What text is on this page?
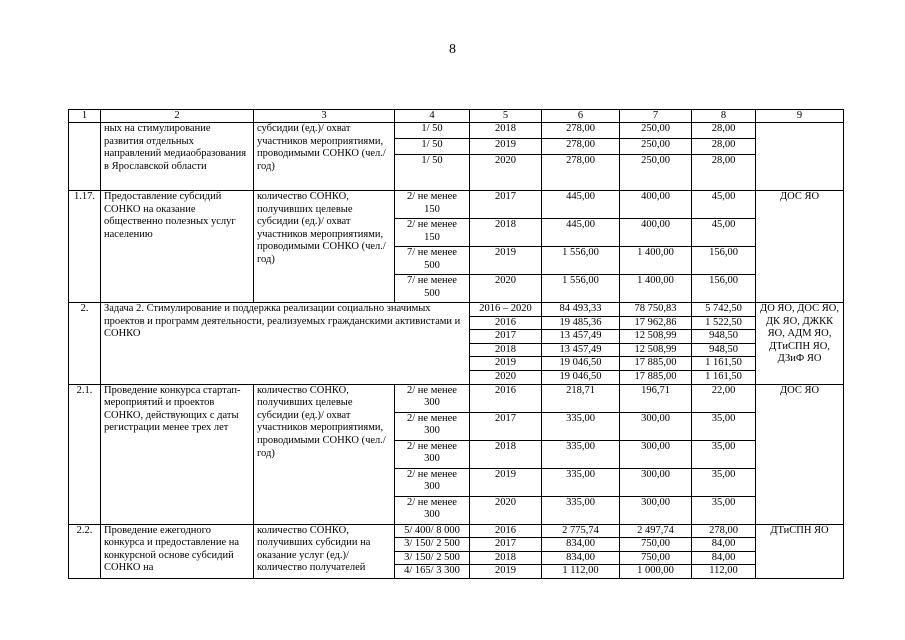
8
1	2	3	4	5	6	7	8	9
	ных на стимулирование развития отдельных направлений медиаобразования в Ярославской области	субсидии (ед.)/ охват участников мероприятиями, проводимыми СОНКО (чел./ год)	1/ 50	2018	278,00	250,00	28,00	
			1/ 50	2019	278,00	250,00	28,00	
			1/ 50	2020	278,00	250,00	28,00	
1.17.	Предоставление субсидий СОНКО на оказание общественно полезных услуг населению	количество СОНКО, получивших целевые субсидии (ед.)/ охват участников мероприятиями, проводимыми СОНКО (чел./ год)	2/ не менее 150	2017	445,00	400,00	45,00	ДОС ЯО
			2/ не менее 150	2018	445,00	400,00	45,00	
			7/ не менее 500	2019	1 556,00	1 400,00	156,00	
			7/ не менее 500	2020	1 556,00	1 400,00	156,00	
2.	Задача 2. Стимулирование и поддержка реализации социально значимых проектов и программ деятельности, реализуемых гражданскими активистами и СОНКО			2016 – 2020	84 493,33	78 750,83	5 742,50	ДО ЯО, ДОС ЯО, ДК ЯО, ДЖКК ЯО, АДМ ЯО, ДТиСПН ЯО, ДЗиФ ЯО
				2016	19 485,36	17 962,86	1 522,50	
				2017	13 457,49	12 508,99	948,50	
				2018	13 457,49	12 508,99	948,50	
				2019	19 046,50	17 885,00	1 161,50	
				2020	19 046,50	17 885,00	1 161,50	
2.1.	Проведение конкурса стартап-мероприятий и проектов СОНКО, действующих с даты регистрации менее трех лет	количество СОНКО, получивших целевые субсидии (ед.)/ охват участников мероприятиями, проводимыми СОНКО (чел./ год)	2/ не менее 300	2016	218,71	196,71	22,00	ДОС ЯО
			2/ не менее 300	2017	335,00	300,00	35,00	
			2/ не менее 300	2018	335,00	300,00	35,00	
			2/ не менее 300	2019	335,00	300,00	35,00	
			2/ не менее 300	2020	335,00	300,00	35,00	
2.2.	Проведение ежегодного конкурса и предоставление на конкурсной основе субсидий СОНКО на	количество СОНКО, получивших субсидии на оказание услуг (ед.)/ количество получателей	5/ 400/ 8 000	2016	2 775,74	2 497,74	278,00	ДТиСПН ЯО
			3/ 150/ 2 500	2017	834,00	750,00	84,00	
			3/ 150/ 2 500	2018	834,00	750,00	84,00	
			4/ 165/ 3 300	2019	1 112,00	1 000,00	112,00	
